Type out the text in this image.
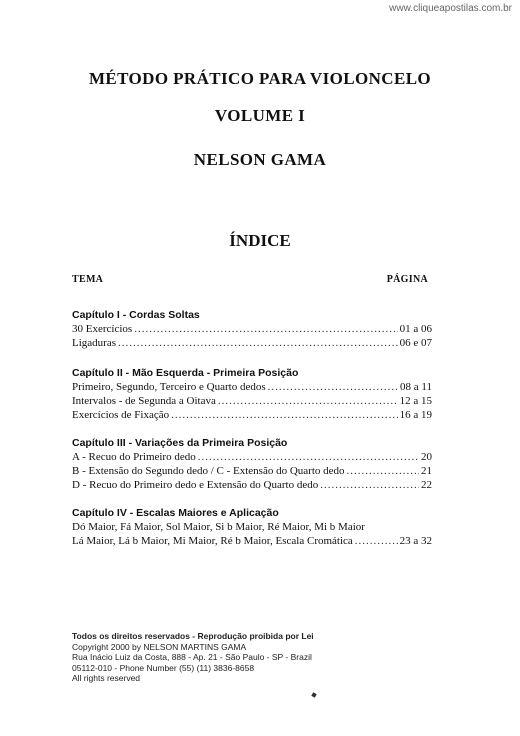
www.cliqueapostilas.com.br

MÉTODO PRÁTICO PARA VIOLONCELO

VOLUME I

NELSON GAMA

ÍNDICE
TEMA	PÁGINA

Capítulo I - Cordas Soltas

30 Exercícios .....	01 a 06
Ligaduras .....	06 e 07

Capítulo II - Mão Esquerda - Primeira Posição

Primeiro, Segundo, Terceiro e Quarto dedos .....	08 a 11
Intervalos - de Segunda a Oitava .....	12 a 15
Exercícios de Fixação .....	16 a 19

Capítulo III - Variações da Primeira Posição

A - Recuo do Primeiro dedo .....	20
B - Extensão do Segundo dedo / C - Extensão do Quarto dedo .....	21
D - Recuo do Primeiro dedo e Extensão do Quarto dedo .....	22

Capítulo IV - Escalas Maiores e Aplicação

Dó Maior, Fá Maior, Sol Maior, Si b Maior, Ré Maior, Mi b Maior

Lá Maior, Lá b Maior, Mi Maior, Ré b Maior, Escala Cromática .....	23 a 32
Todos os direitos reservados - Reprodução proibida por Lei
Copyright 2000 by NELSON MARTINS GAMA
Rua Inácio Luiz da Costa, 888 - Ap. 21 - São Paulo - SP - Brazil
05112-010 - Phone Number (55) (11) 3836-8658
All rights reserved
